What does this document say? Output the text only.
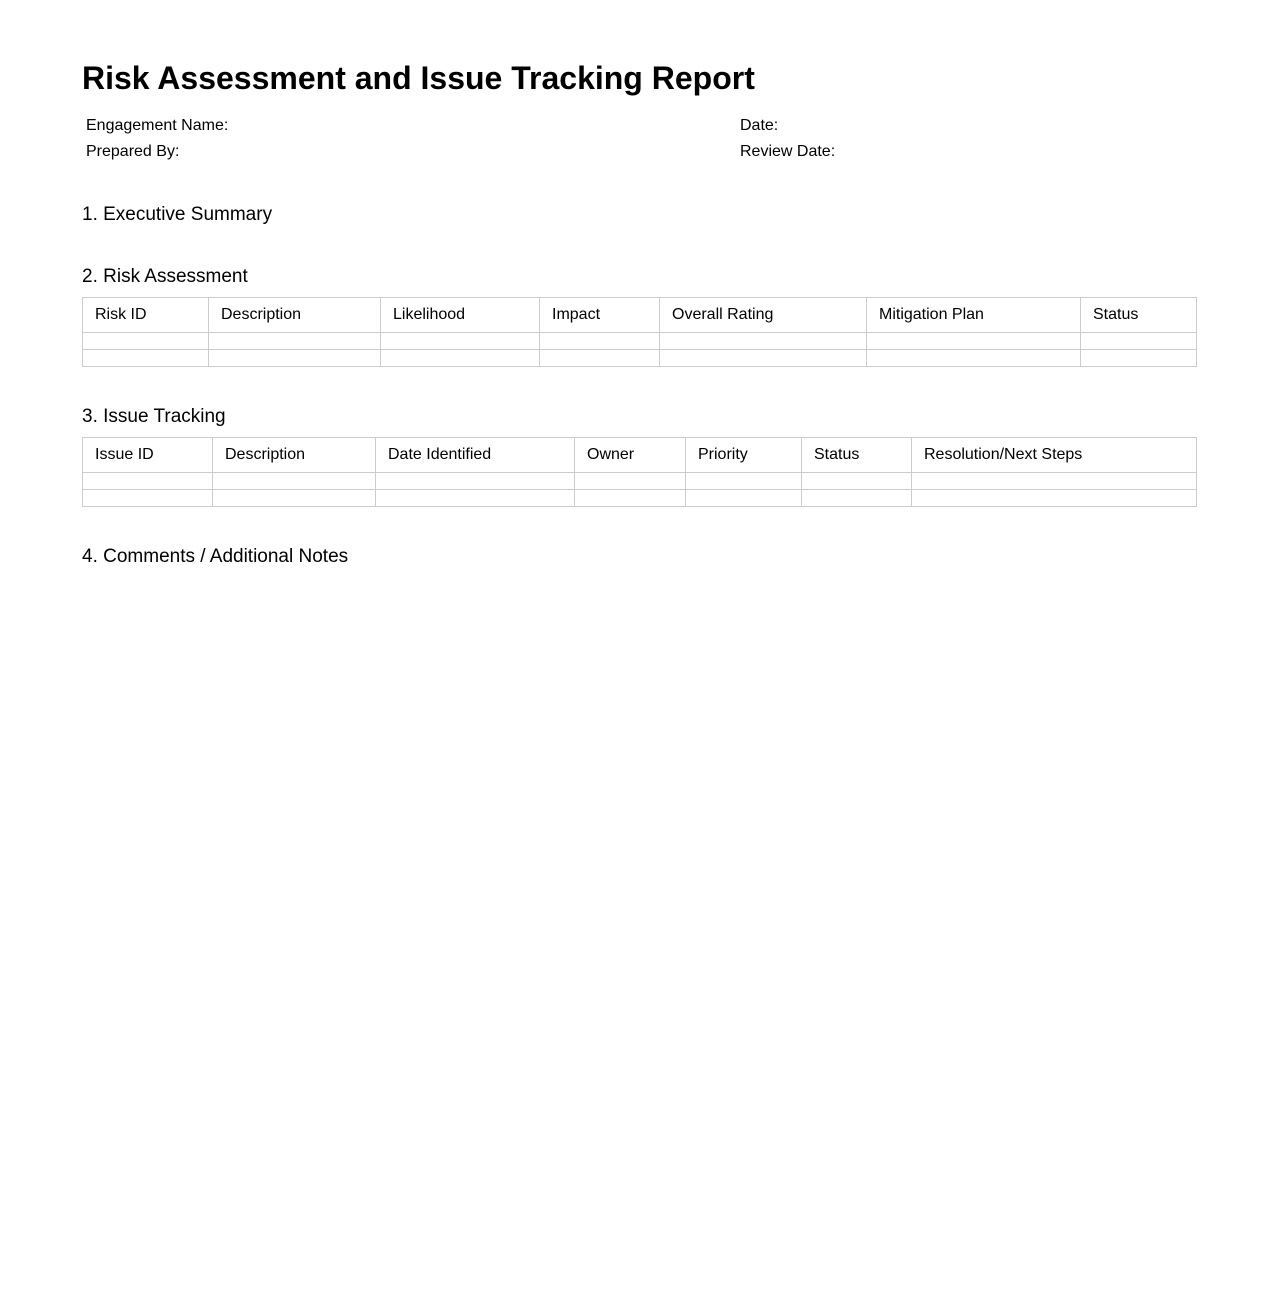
Risk Assessment and Issue Tracking Report
Engagement Name:
Prepared By:
Date:
Review Date:
1. Executive Summary
2. Risk Assessment
Risk ID	Description	Likelihood	Impact	Overall Rating	Mitigation Plan	Status

3. Issue Tracking
Issue ID	Description	Date Identified	Owner	Priority	Status	Resolution/Next Steps

4. Comments / Additional Notes
